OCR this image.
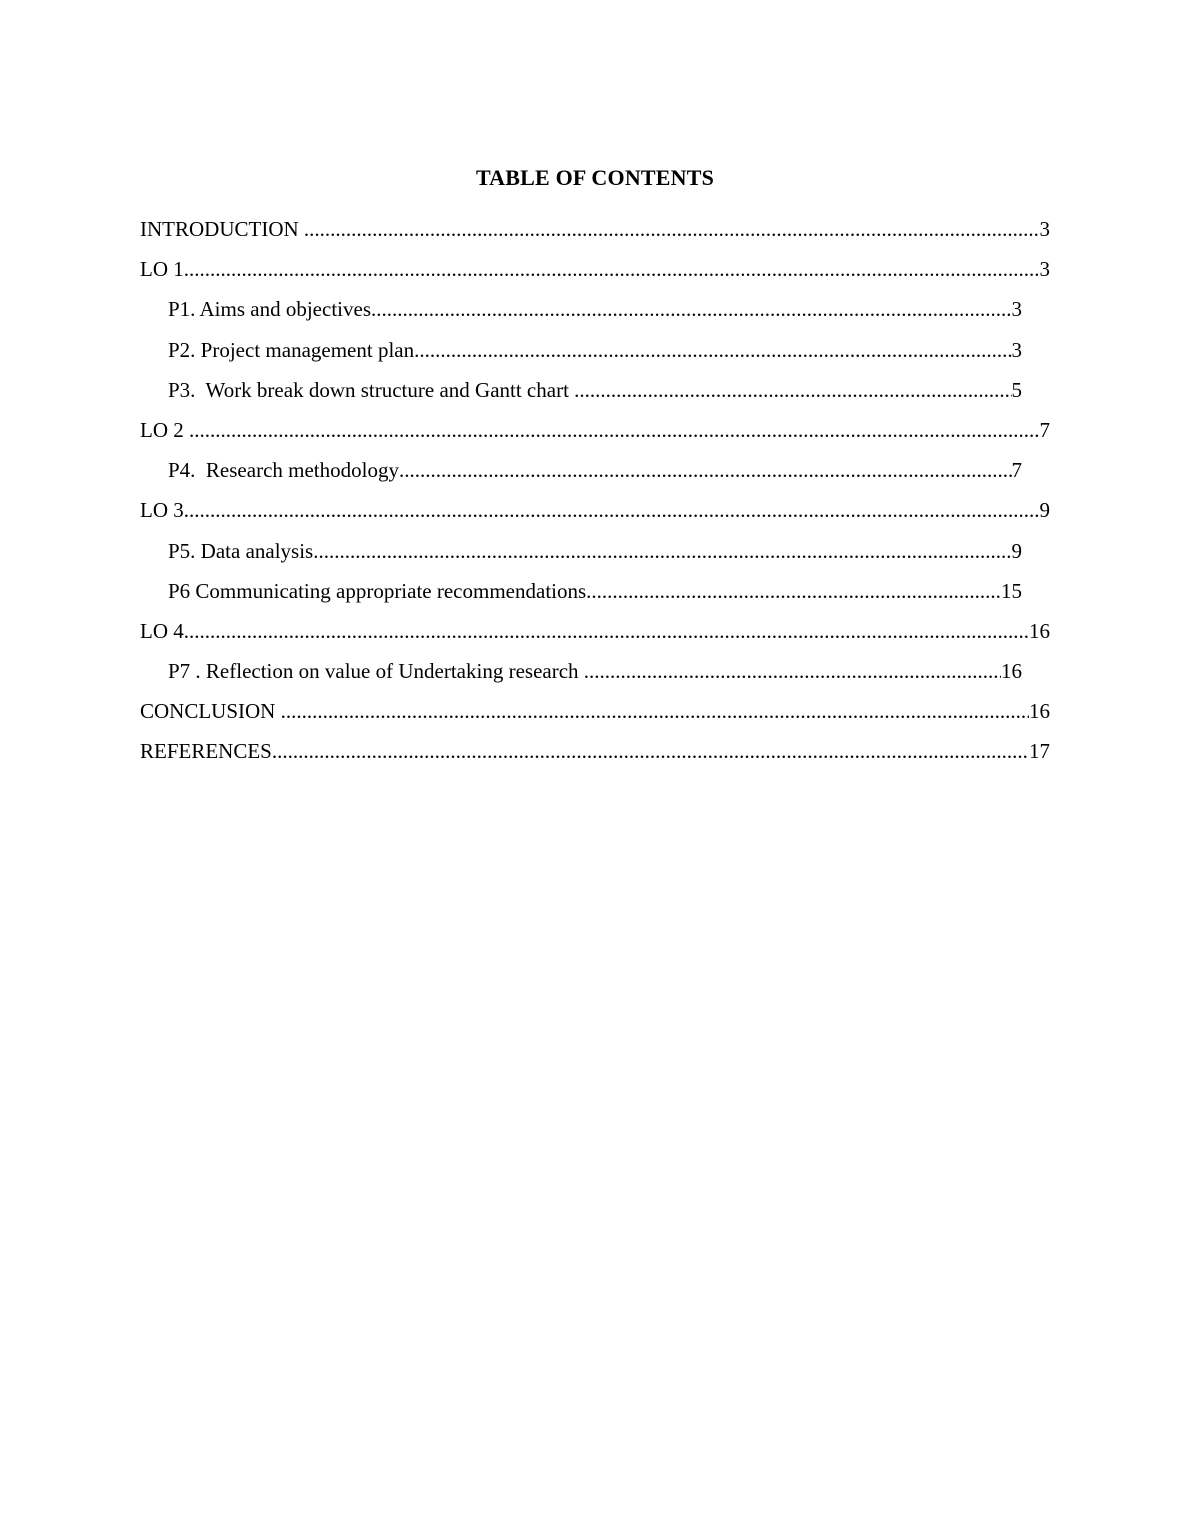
TABLE OF CONTENTS
INTRODUCTION .....	3
LO 1 .....	3
P1. Aims and objectives .....	3
P2. Project management plan .....	3
P3.  Work break down structure and Gantt chart .....	5
LO 2 .....	7
P4.  Research methodology .....	7
LO 3 .....	9
P5. Data analysis .....	9
P6 Communicating appropriate recommendations .....	15
LO 4 .....	16
P7 . Reflection on value of Undertaking research .....	16
CONCLUSION .....	16
REFERENCES .....	17
